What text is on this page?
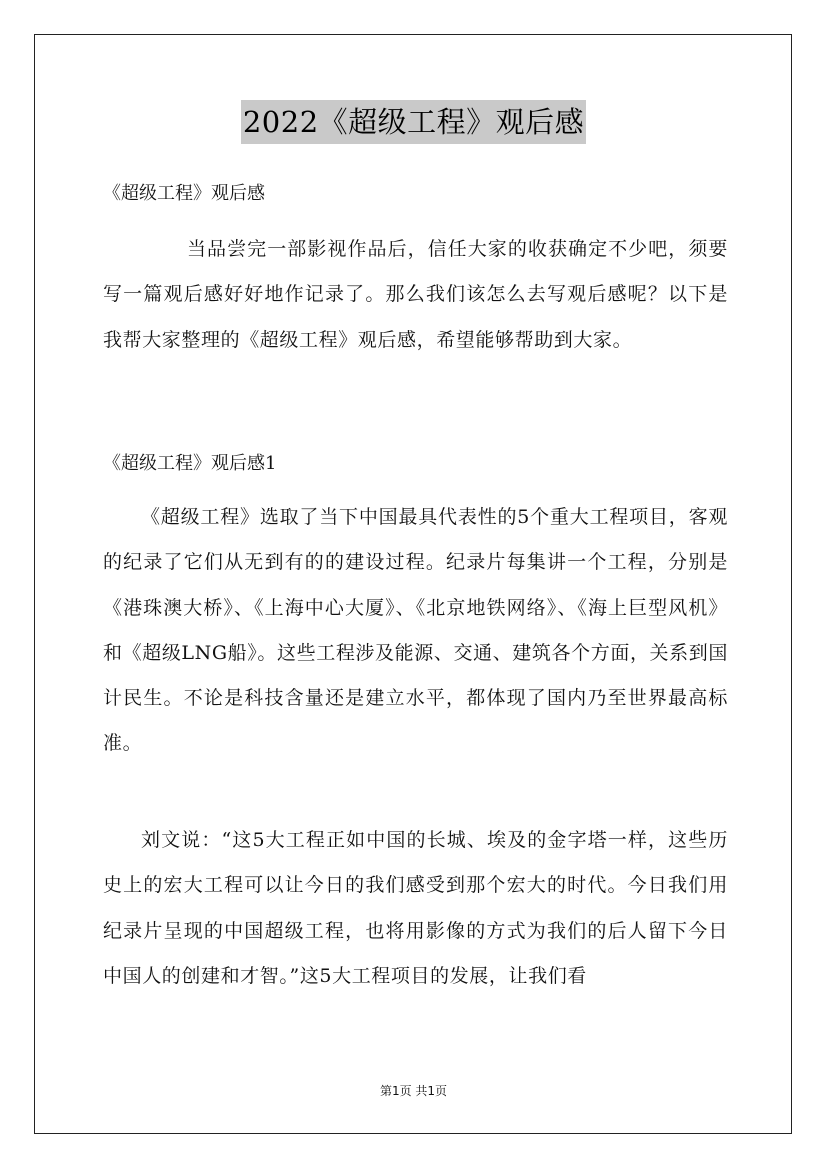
2022《超级工程》观后感
《超级工程》观后感
当品尝完一部影视作品后，信任大家的收获确定不少吧，须要写一篇观后感好好地作记录了。那么我们该怎么去写观后感呢？以下是我帮大家整理的《超级工程》观后感，希望能够帮助到大家。
《超级工程》观后感1
《超级工程》选取了当下中国最具代表性的5个重大工程项目，客观的纪录了它们从无到有的的建设过程。纪录片每集讲一个工程，分别是《港珠澳大桥》、《上海中心大厦》、《北京地铁网络》、《海上巨型风机》和《超级LNG船》。这些工程涉及能源、交通、建筑各个方面，关系到国计民生。不论是科技含量还是建立水平，都体现了国内乃至世界最高标准。
刘文说：“这5大工程正如中国的长城、埃及的金字塔一样，这些历史上的宏大工程可以让今日的我们感受到那个宏大的时代。今日我们用纪录片呈现的中国超级工程，也将用影像的方式为我们的后人留下今日中国人的创建和才智。”这5大工程项目的发展，让我们看
第1页 共1页
